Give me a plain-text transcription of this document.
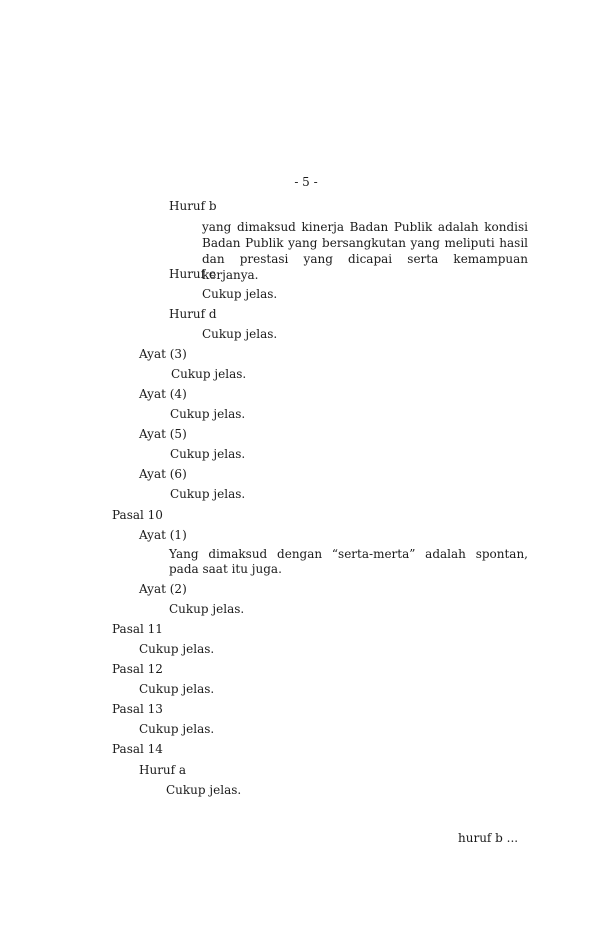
- 5 -
Huruf b

yang dimaksud kinerja Badan Publik adalah kondisi Badan Publik yang bersangkutan yang meliputi hasil dan prestasi yang dicapai serta kemampuan kerjanya.

Huruf c
Cukup jelas.
Huruf d
Cukup jelas.
Ayat (3)
Cukup jelas.
Ayat (4)
Cukup jelas.
Ayat (5)
Cukup jelas.
Ayat (6)
Cukup jelas.
Pasal 10
Ayat (1)

Yang dimaksud dengan “serta-merta” adalah spontan, pada saat itu juga.

Ayat (2)
Cukup jelas.
Pasal 11
Cukup jelas.
Pasal 12
Cukup jelas.
Pasal 13
Cukup jelas.
Pasal 14
Huruf a
Cukup jelas.
huruf b ...
